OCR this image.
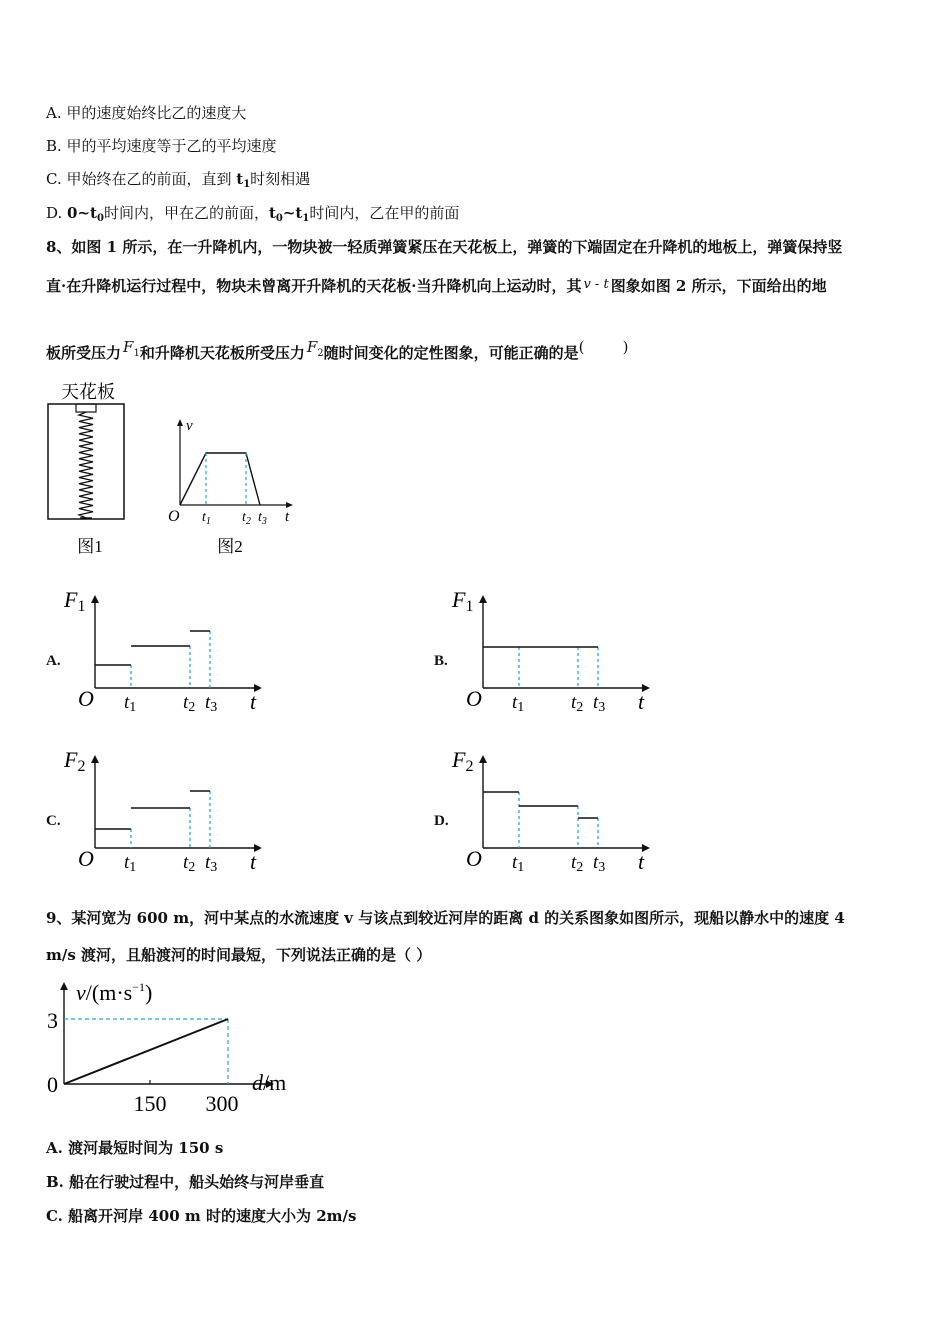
A. 甲的速度始终比乙的速度大
B. 甲的平均速度等于乙的平均速度
C. 甲始终在乙的前面，直到 $t_1$时刻相遇
D. $0\sim t_0$时间内，甲在乙的前面，$t_0\sim t_1$时间内，乙在甲的前面
8、如图 1 所示，在一升降机内，一物块被一轻质弹簧紧压在天花板上，弹簧的下端固定在升降机的地板上，弹簧保持竖
直·在升降机运行过程中，物块未曾离开升降机的天花板·当升降机向上运动时，其 v - t 图象如图 2 所示，下面给出的地
板所受压力 $F^1$和升降机天花板所受压力 $F^2$随时间变化的定性图象，可能正确的是(        )
天花板
图1
v
O $t_1$ $t_2$ $t_3$ t
图2
A.	B.
C.	D.
F1
O t1 t2 t3 t
F1
O t1 t2 t3 t
F2
O t1 t2 t3 t
F2
O t1 t2 t3 t
9、某河宽为 600 m，河中某点的水流速度 v 与该点到较近河岸的距离 d 的关系图象如图所示，现船以静水中的速度 4
m/s 渡河，且船渡河的时间最短，下列说法正确的是（ ）
$v/(m\cdot s^{-1})$
3
0
150 300
d/m
A. 渡河最短时间为 150 s
B. 船在行驶过程中，船头始终与河岸垂直
C. 船离开河岸 400 m 时的速度大小为 2m/s
